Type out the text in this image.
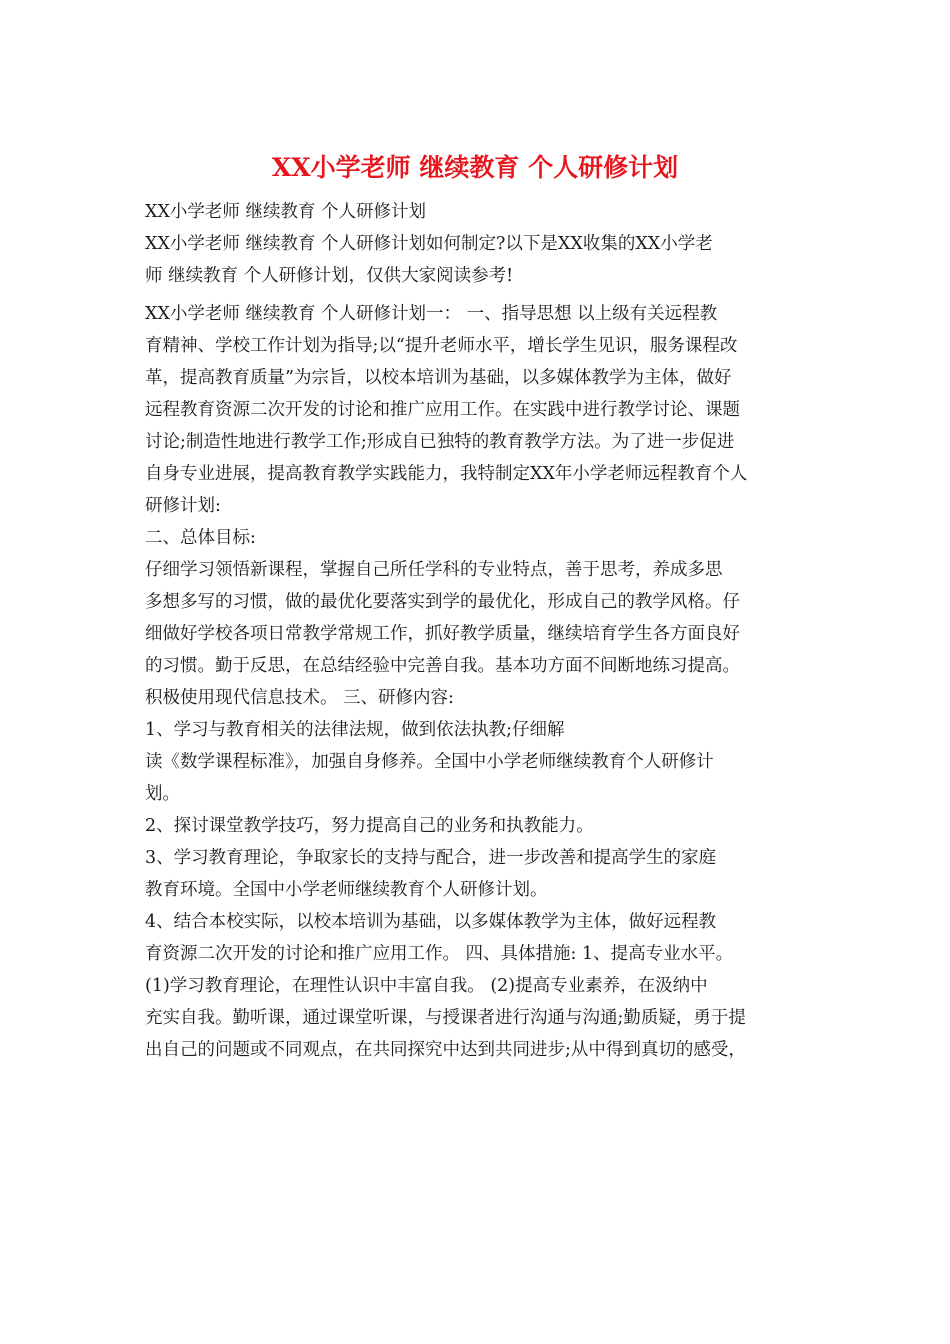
XX小学老师 继续教育 个人研修计划
XX小学老师 继续教育 个人研修计划
XX小学老师 继续教育 个人研修计划如何制定?以下是XX收集的XX小学老
师 继续教育 个人研修计划，仅供大家阅读参考!
XX小学老师 继续教育 个人研修计划一： 一、指导思想 以上级有关远程教
育精神、学校工作计划为指导;以“提升老师水平，增长学生见识，服务课程改
革，提高教育质量”为宗旨，以校本培训为基础，以多媒体教学为主体，做好
远程教育资源二次开发的讨论和推广应用工作。在实践中进行教学讨论、课题
讨论;制造性地进行教学工作;形成自已独特的教育教学方法。为了进一步促进
自身专业进展，提高教育教学实践能力，我特制定XX年小学老师远程教育个人
研修计划:
二、总体目标:
仔细学习领悟新课程，掌握自己所任学科的专业特点，善于思考，养成多思
多想多写的习惯，做的最优化要落实到学的最优化，形成自己的教学风格。仔
细做好学校各项日常教学常规工作，抓好教学质量，继续培育学生各方面良好
的习惯。勤于反思，在总结经验中完善自我。基本功方面不间断地练习提高。
积极使用现代信息技术。 三、研修内容:
1、学习与教育相关的法律法规，做到依法执教;仔细解
读《数学课程标准》，加强自身修养。全国中小学老师继续教育个人研修计
划。
2、探讨课堂教学技巧，努力提高自己的业务和执教能力。
3、学习教育理论，争取家长的支持与配合，进一步改善和提高学生的家庭
教育环境。全国中小学老师继续教育个人研修计划。
4、结合本校实际，以校本培训为基础，以多媒体教学为主体，做好远程教
育资源二次开发的讨论和推广应用工作。 四、具体措施: 1、提高专业水平。
(1)学习教育理论，在理性认识中丰富自我。 (2)提高专业素养，在汲纳中
充实自我。勤听课，通过课堂听课，与授课者进行沟通与沟通;勤质疑，勇于提
出自己的问题或不同观点，在共同探究中达到共同进步;从中得到真切的感受，
